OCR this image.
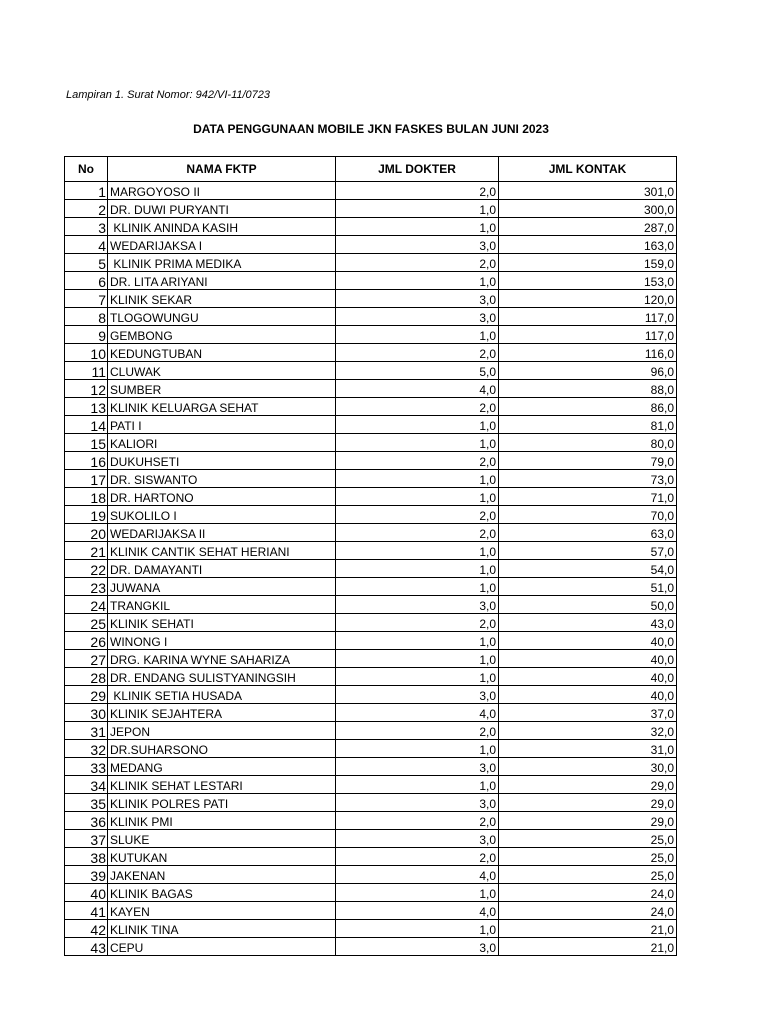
Lampiran 1. Surat Nomor: 942/VI-11/0723
DATA PENGGUNAAN MOBILE JKN FASKES BULAN JUNI 2023
No	NAMA FKTP	JML DOKTER	JML KONTAK
1	MARGOYOSO II	2,0	301,0
2	DR. DUWI PURYANTI	1,0	300,0
3	KLINIK ANINDA KASIH	1,0	287,0
4	WEDARIJAKSA I	3,0	163,0
5	KLINIK PRIMA MEDIKA	2,0	159,0
6	DR. LITA ARIYANI	1,0	153,0
7	KLINIK SEKAR	3,0	120,0
8	TLOGOWUNGU	3,0	117,0
9	GEMBONG	1,0	117,0
10	KEDUNGTUBAN	2,0	116,0
11	CLUWAK	5,0	96,0
12	SUMBER	4,0	88,0
13	KLINIK KELUARGA SEHAT	2,0	86,0
14	PATI I	1,0	81,0
15	KALIORI	1,0	80,0
16	DUKUHSETI	2,0	79,0
17	DR. SISWANTO	1,0	73,0
18	DR. HARTONO	1,0	71,0
19	SUKOLILO I	2,0	70,0
20	WEDARIJAKSA II	2,0	63,0
21	KLINIK CANTIK SEHAT HERIANI	1,0	57,0
22	DR. DAMAYANTI	1,0	54,0
23	JUWANA	1,0	51,0
24	TRANGKIL	3,0	50,0
25	KLINIK SEHATI	2,0	43,0
26	WINONG I	1,0	40,0
27	DRG. KARINA WYNE SAHARIZA	1,0	40,0
28	DR. ENDANG SULISTYANINGSIH	1,0	40,0
29	KLINIK SETIA HUSADA	3,0	40,0
30	KLINIK SEJAHTERA	4,0	37,0
31	JEPON	2,0	32,0
32	DR.SUHARSONO	1,0	31,0
33	MEDANG	3,0	30,0
34	KLINIK SEHAT LESTARI	1,0	29,0
35	KLINIK POLRES PATI	3,0	29,0
36	KLINIK PMI	2,0	29,0
37	SLUKE	3,0	25,0
38	KUTUKAN	2,0	25,0
39	JAKENAN	4,0	25,0
40	KLINIK BAGAS	1,0	24,0
41	KAYEN	4,0	24,0
42	KLINIK TINA	1,0	21,0
43	CEPU	3,0	21,0
